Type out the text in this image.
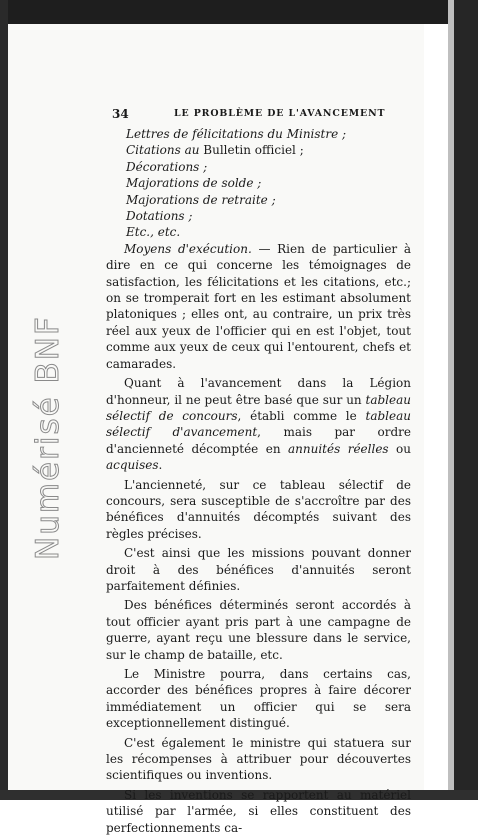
Numérisé BNF
34	LE PROBLÈME DE L'AVANCEMENT
Lettres de félicitations du Ministre ;
Citations au Bulletin officiel ;
Décorations ;
Majorations de solde ;
Majorations de retraite ;
Dotations ;
Etc., etc.

Moyens d'exécution. — Rien de particulier à dire en ce qui concerne les témoignages de satisfaction, les félicitations et les citations, etc.; on se tromperait fort en les estimant absolument platoniques ; elles ont, au contraire, un prix très réel aux yeux de l'officier qui en est l'objet, tout comme aux yeux de ceux qui l'entourent, chefs et camarades.

Quant à l'avancement dans la Légion d'honneur, il ne peut être basé que sur un tableau sélectif de concours, établi comme le tableau sélectif d'avancement, mais par ordre d'ancienneté décomptée en annuités réelles ou acquises.

L'ancienneté, sur ce tableau sélectif de concours, sera susceptible de s'accroître par des bénéfices d'annuités décomptés suivant des règles précises.

C'est ainsi que les missions pouvant donner droit à des bénéfices d'annuités seront parfaitement définies.

Des bénéfices déterminés seront accordés à tout officier ayant pris part à une campagne de guerre, ayant reçu une blessure dans le service, sur le champ de bataille, etc.

Le Ministre pourra, dans certains cas, accorder des bénéfices propres à faire décorer immédiatement un officier qui se sera exceptionnellement distingué.

C'est également le ministre qui statuera sur les récompenses à attribuer pour découvertes scientifiques ou inventions.

Si les inventions se rapportent au matériel utilisé par l'armée, si elles constituent des perfectionnements ca-
